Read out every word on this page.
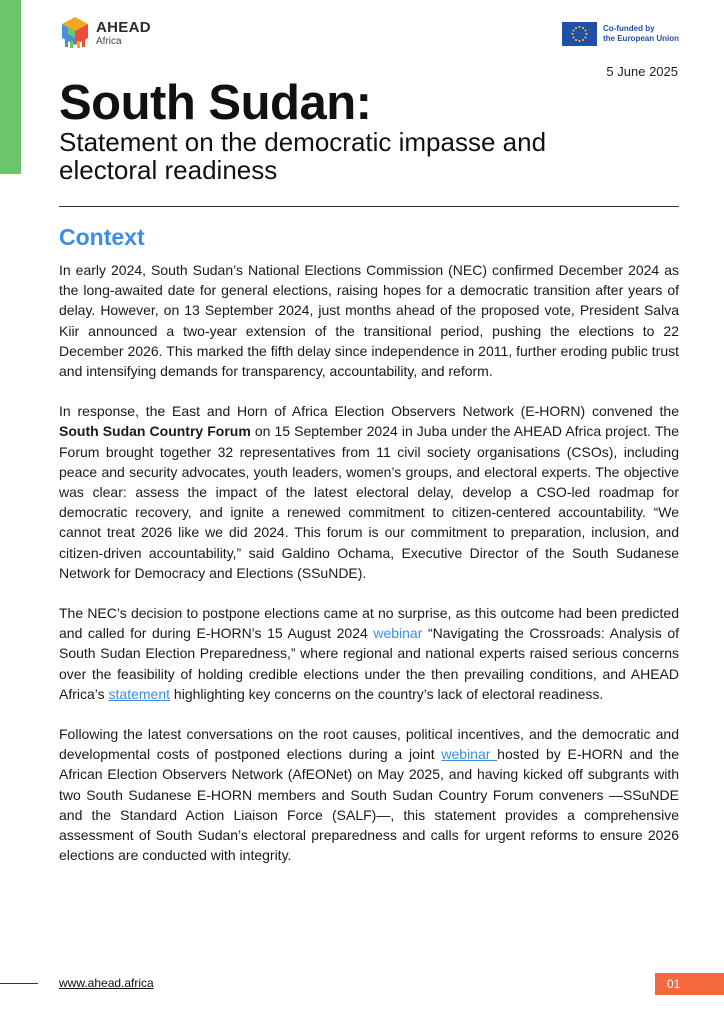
AHEAD
Africa
Co-funded by
the European Union
5 June 2025
South Sudan:
Statement on the democratic impasse and electoral readiness
Context

In early 2024, South Sudan’s National Elections Commission (NEC) confirmed December 2024 as the long-awaited date for general elections, raising hopes for a democratic transition after years of delay. However, on 13 September 2024, just months ahead of the proposed vote, President Salva Kiir announced a two-year extension of the transitional period, pushing the elections to 22 December 2026. This marked the fifth delay since independence in 2011, further eroding public trust and intensifying demands for transparency, accountability, and reform.

In response, the East and Horn of Africa Election Observers Network (E-HORN) convened the South Sudan Country Forum on 15 September 2024 in Juba under the AHEAD Africa project. The Forum brought together 32 representatives from 11 civil society organisations (CSOs), including peace and security advocates, youth leaders, women’s groups, and electoral experts. The objective was clear: assess the impact of the latest electoral delay, develop a CSO-led roadmap for democratic recovery, and ignite a renewed commitment to citizen-centered accountability. “We cannot treat 2026 like we did 2024. This forum is our commitment to preparation, inclusion, and citizen-driven accountability,” said Galdino Ochama, Executive Director of the South Sudanese Network for Democracy and Elections (SSuNDE).

The NEC’s decision to postpone elections came at no surprise, as this outcome had been predicted and called for during E-HORN’s 15 August 2024 webinar “Navigating the Crossroads: Analysis of South Sudan Election Preparedness,” where regional and national experts raised serious concerns over the feasibility of holding credible elections under the then prevailing conditions, and AHEAD Africa’s statement highlighting key concerns on the country’s lack of electoral readiness.

Following the latest conversations on the root causes, political incentives, and the democratic and developmental costs of postponed elections during a joint webinar hosted by E-HORN and the African Election Observers Network (AfEONet) on May 2025, and having kicked off subgrants with two South Sudanese E-HORN members and South Sudan Country Forum conveners —SSuNDE and the Standard Action Liaison Force (SALF)—, this statement provides a comprehensive assessment of South Sudan’s electoral preparedness and calls for urgent reforms to ensure 2026 elections are conducted with integrity.

www.ahead.africa	01
